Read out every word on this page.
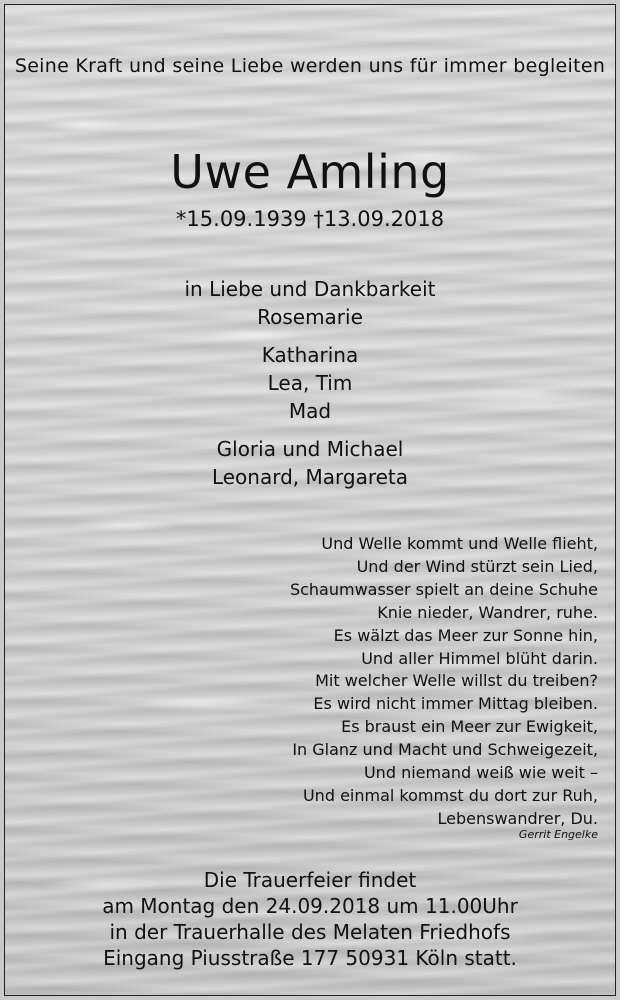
Seine Kraft und seine Liebe werden uns für immer begleiten
Uwe Amling
*15.09.1939 †13.09.2018
in Liebe und Dankbarkeit
Rosemarie
Katharina
Lea, Tim
Mad
Gloria und Michael
Leonard, Margareta
Und Welle kommt und Welle flieht,
Und der Wind stürzt sein Lied,
Schaumwasser spielt an deine Schuhe
Knie nieder, Wandrer, ruhe.
Es wälzt das Meer zur Sonne hin,
Und aller Himmel blüht darin.
Mit welcher Welle willst du treiben?
Es wird nicht immer Mittag bleiben.
Es braust ein Meer zur Ewigkeit,
In Glanz und Macht und Schweigezeit,
Und niemand weiß wie weit –
Und einmal kommst du dort zur Ruh,
Lebenswandrer, Du.
Gerrit Engelke
Die Trauerfeier findet
am Montag den 24.09.2018 um 11.00Uhr
in der Trauerhalle des Melaten Friedhofs
Eingang Piusstraße 177 50931 Köln statt.
